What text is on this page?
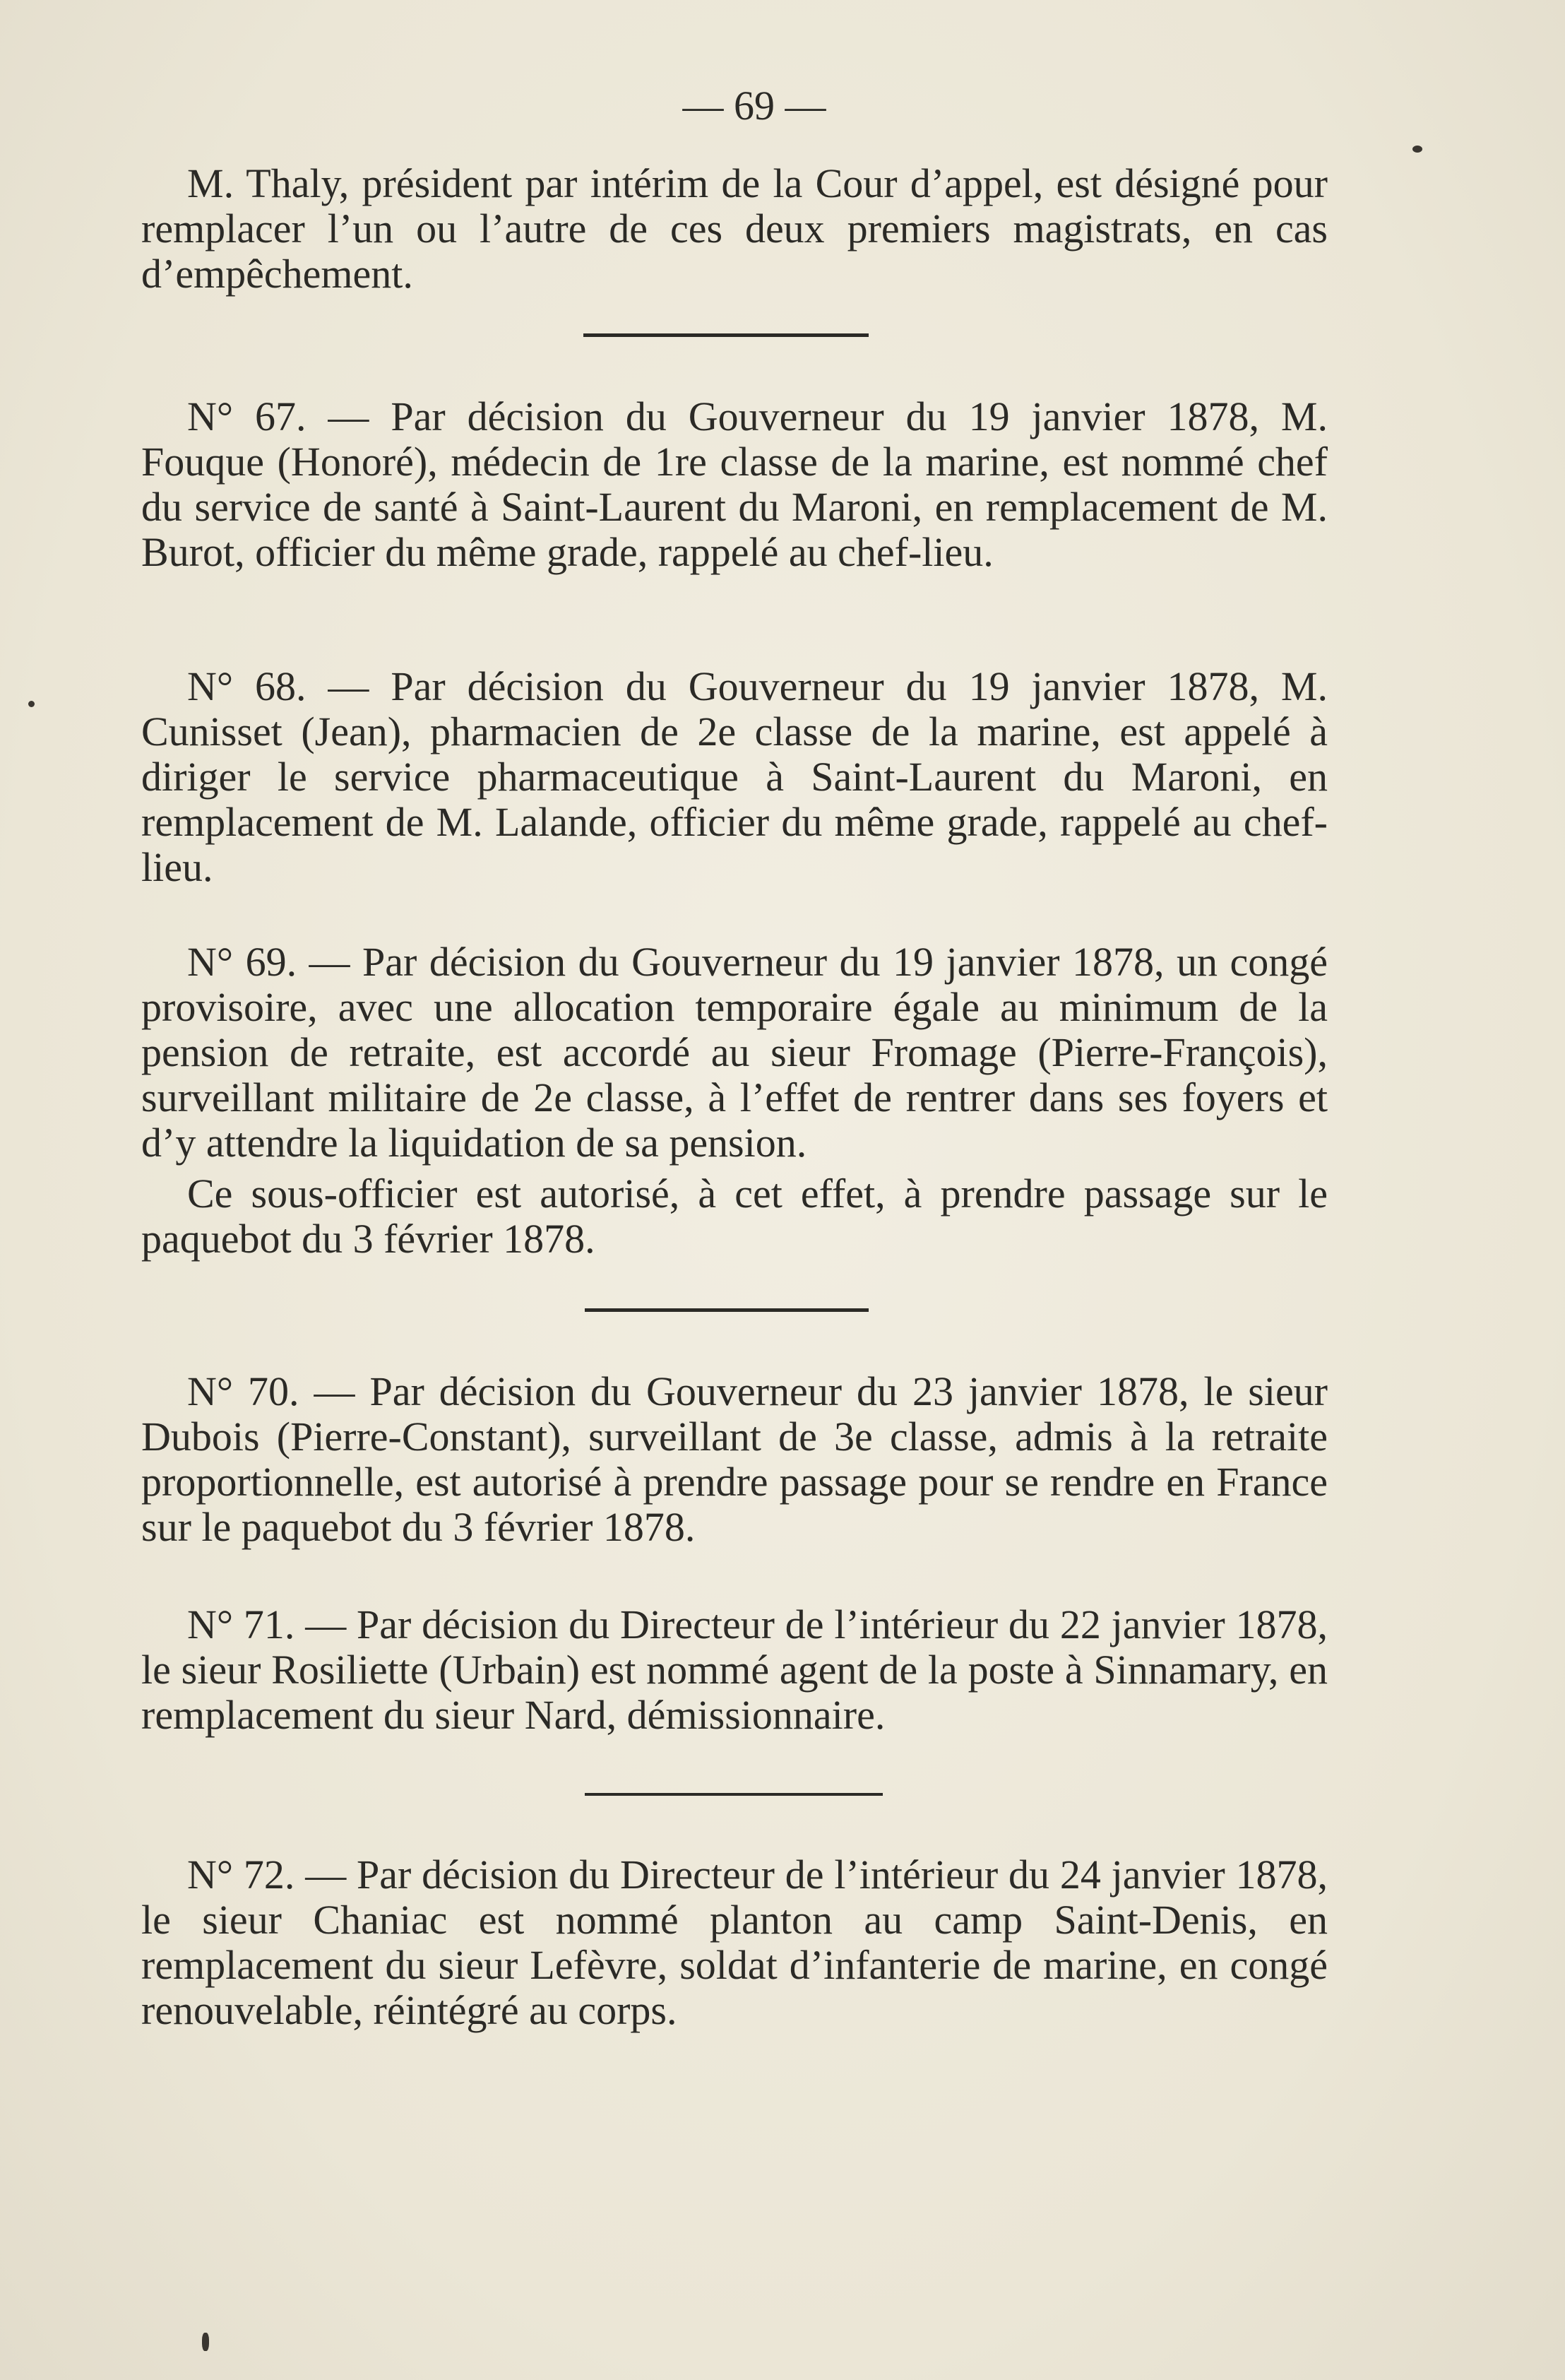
— 69 —

M. Thaly, président par intérim de la Cour d’appel, est désigné pour remplacer l’un ou l’autre de ces deux premiers magistrats, en cas d’empêchement.

N° 67. — Par décision du Gouverneur du 19 janvier 1878, M. Fouque (Honoré), médecin de 1re classe de la marine, est nommé chef du service de santé à Saint-Laurent du Maroni, en remplacement de M. Burot, officier du même grade, rappelé au chef-lieu.

N° 68. — Par décision du Gouverneur du 19 janvier 1878, M. Cunisset (Jean), pharmacien de 2e classe de la marine, est appelé à diriger le service pharmaceutique à Saint-Laurent du Maroni, en remplacement de M. Lalande, officier du même grade, rappelé au chef-lieu.

N° 69. — Par décision du Gouverneur du 19 janvier 1878, un congé provisoire, avec une allocation temporaire égale au minimum de la pension de retraite, est accordé au sieur Fromage (Pierre-François), surveillant militaire de 2e classe, à l’effet de rentrer dans ses foyers et d’y attendre la liquidation de sa pension.

Ce sous-officier est autorisé, à cet effet, à prendre passage sur le paquebot du 3 février 1878.

N° 70. — Par décision du Gouverneur du 23 janvier 1878, le sieur Dubois (Pierre-Constant), surveillant de 3e classe, admis à la retraite proportionnelle, est autorisé à prendre passage pour se rendre en France sur le paquebot du 3 février 1878.

N° 71. — Par décision du Directeur de l’intérieur du 22 janvier 1878, le sieur Rosiliette (Urbain) est nommé agent de la poste à Sinnamary, en remplacement du sieur Nard, démissionnaire.

N° 72. — Par décision du Directeur de l’intérieur du 24 janvier 1878, le sieur Chaniac est nommé planton au camp Saint-Denis, en remplacement du sieur Lefèvre, soldat d’infanterie de marine, en congé renouvelable, réintégré au corps.
